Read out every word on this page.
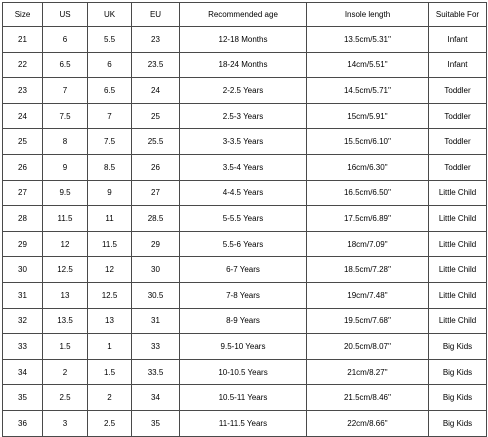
Size	US	UK	EU	Recommended age	Insole length	Suitable For
21	6	5.5	23	12-18 Months	13.5cm/5.31''	Infant
22	6.5	6	23.5	18-24 Months	14cm/5.51''	Infant
23	7	6.5	24	2-2.5 Years	14.5cm/5.71''	Toddler
24	7.5	7	25	2.5-3 Years	15cm/5.91''	Toddler
25	8	7.5	25.5	3-3.5 Years	15.5cm/6.10''	Toddler
26	9	8.5	26	3.5-4 Years	16cm/6.30''	Toddler
27	9.5	9	27	4-4.5 Years	16.5cm/6.50''	Little Child
28	11.5	11	28.5	5-5.5 Years	17.5cm/6.89''	Little Child
29	12	11.5	29	5.5-6 Years	18cm/7.09''	Little Child
30	12.5	12	30	6-7 Years	18.5cm/7.28''	Little Child
31	13	12.5	30.5	7-8 Years	19cm/7.48''	Little Child
32	13.5	13	31	8-9 Years	19.5cm/7.68''	Little Child
33	1.5	1	33	9.5-10 Years	20.5cm/8.07''	Big Kids
34	2	1.5	33.5	10-10.5 Years	21cm/8.27''	Big Kids
35	2.5	2	34	10.5-11 Years	21.5cm/8.46''	Big Kids
36	3	2.5	35	11-11.5 Years	22cm/8.66''	Big Kids
